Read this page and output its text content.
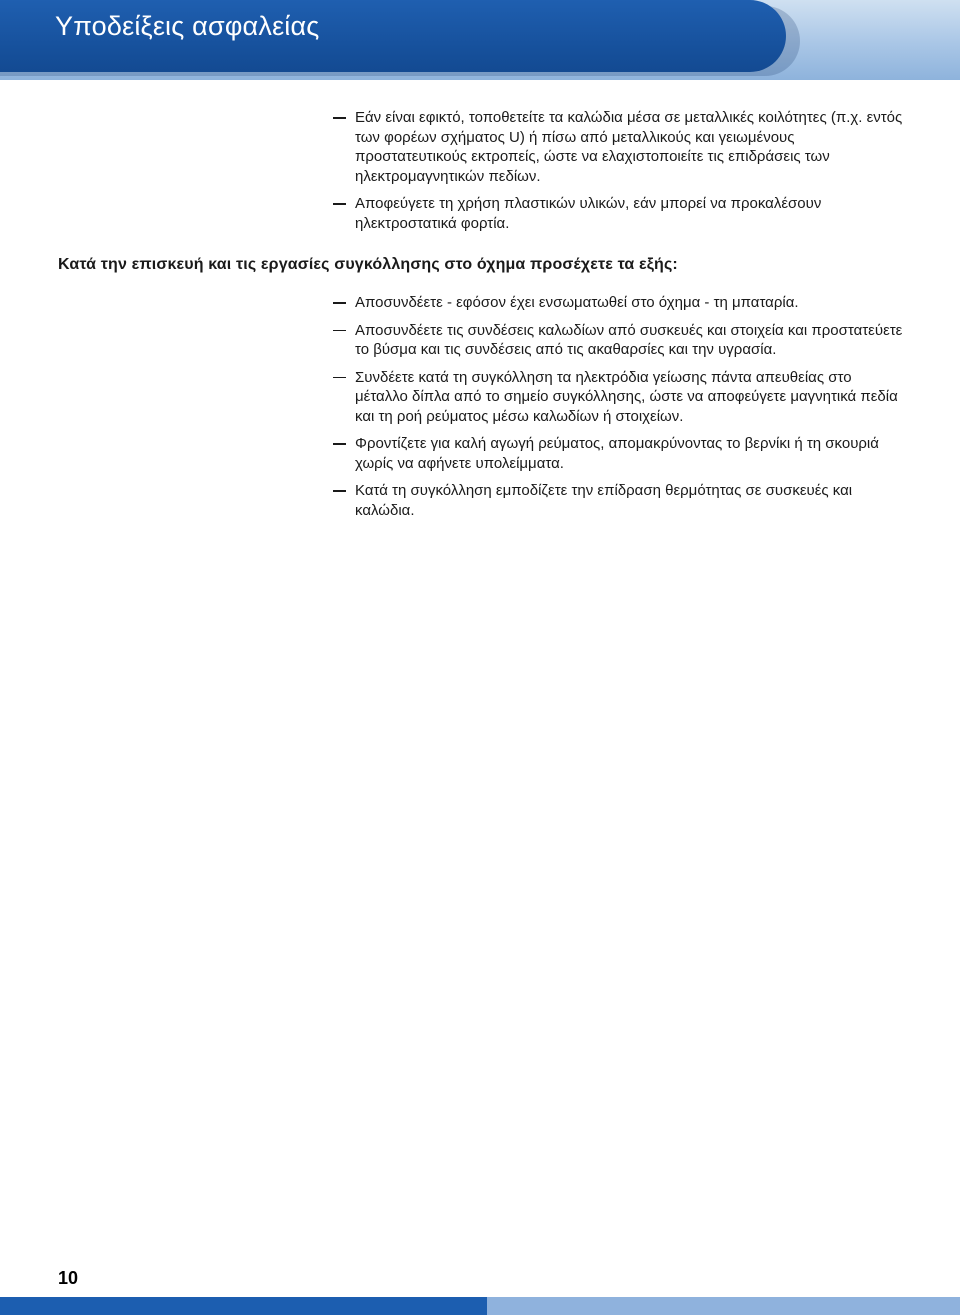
Υποδείξεις ασφαλείας
Εάν είναι εφικτό, τοποθετείτε τα καλώδια μέσα σε μεταλλικές κοιλότητες (π.χ. εντός των φορέων σχήματος U) ή πίσω από μεταλλικούς και γειωμένους προστατευτικούς εκτροπείς, ώστε να ελαχιστοποιείτε τις επιδράσεις των ηλεκτρομαγνητικών πεδίων.
Αποφεύγετε τη χρήση πλαστικών υλικών, εάν μπορεί να προκαλέσουν ηλεκτροστατικά φορτία.
Κατά την επισκευή και τις εργασίες συγκόλλησης στο όχημα προσέχετε τα εξής:
Αποσυνδέετε - εφόσον έχει ενσωματωθεί στο όχημα - τη μπαταρία.
Αποσυνδέετε τις συνδέσεις καλωδίων από συσκευές και στοιχεία και προστατεύετε το βύσμα και τις συνδέσεις από τις ακαθαρσίες και την υγρασία.
Συνδέετε κατά τη συγκόλληση τα ηλεκτρόδια γείωσης πάντα απευθείας στο μέταλλο δίπλα από το σημείο συγκόλλησης, ώστε να αποφεύγετε μαγνητικά πεδία και τη ροή ρεύματος μέσω καλωδίων ή στοιχείων.
Φροντίζετε για καλή αγωγή ρεύματος, απομακρύνοντας το βερνίκι ή τη σκουριά χωρίς να αφήνετε υπολείμματα.
Κατά τη συγκόλληση εμποδίζετε την επίδραση θερμότητας σε συσκευές και καλώδια.
10
